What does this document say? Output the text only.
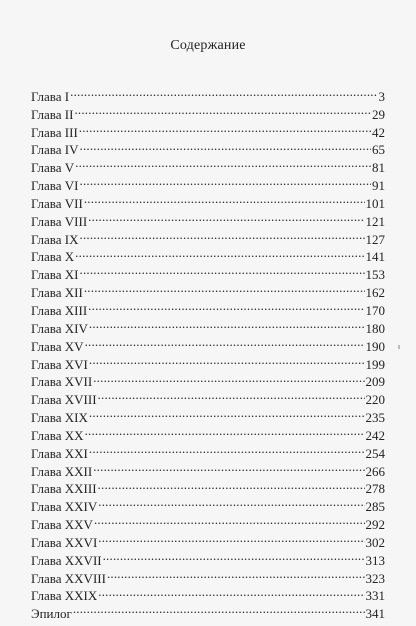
Содержание
Глава I .....	3
Глава II .....	29
Глава III .....	42
Глава IV .....	65
Глава V .....	81
Глава VI .....	91
Глава VII .....	101
Глава VIII .....	121
Глава IX .....	127
Глава X .....	141
Глава XI .....	153
Глава XII .....	162
Глава XIII .....	170
Глава XIV .....	180
Глава XV .....	190
Глава XVI .....	199
Глава XVII .....	209
Глава XVIII .....	220
Глава XIX .....	235
Глава XX .....	242
Глава XXI .....	254
Глава XXII .....	266
Глава XXIII .....	278
Глава XXIV .....	285
Глава XXV .....	292
Глава XXVI .....	302
Глава XXVII .....	313
Глава XXVIII .....	323
Глава XXIX .....	331
Эпилог .....	341
